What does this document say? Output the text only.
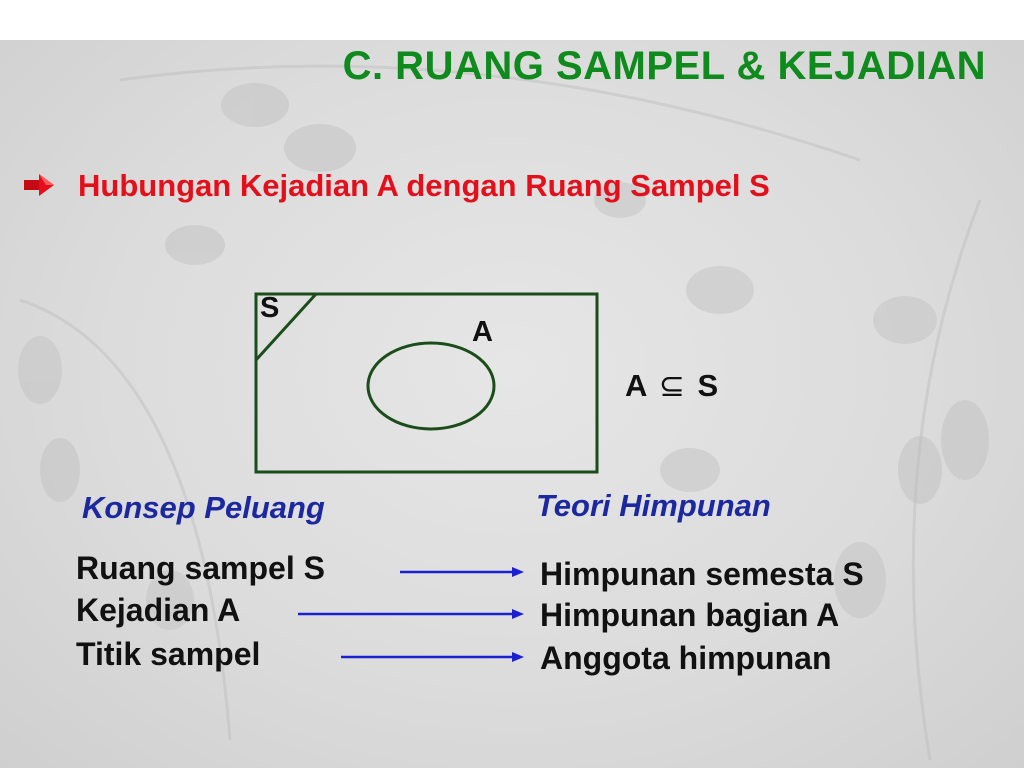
C. RUANG SAMPEL & KEJADIAN
Hubungan Kejadian A dengan Ruang Sampel S
S
A
A ⊆ S
Konsep Peluang	Teori Himpunan
Ruang sampel S
Kejadian A
Titik sampel
Himpunan semesta S
Himpunan bagian A
Anggota himpunan
